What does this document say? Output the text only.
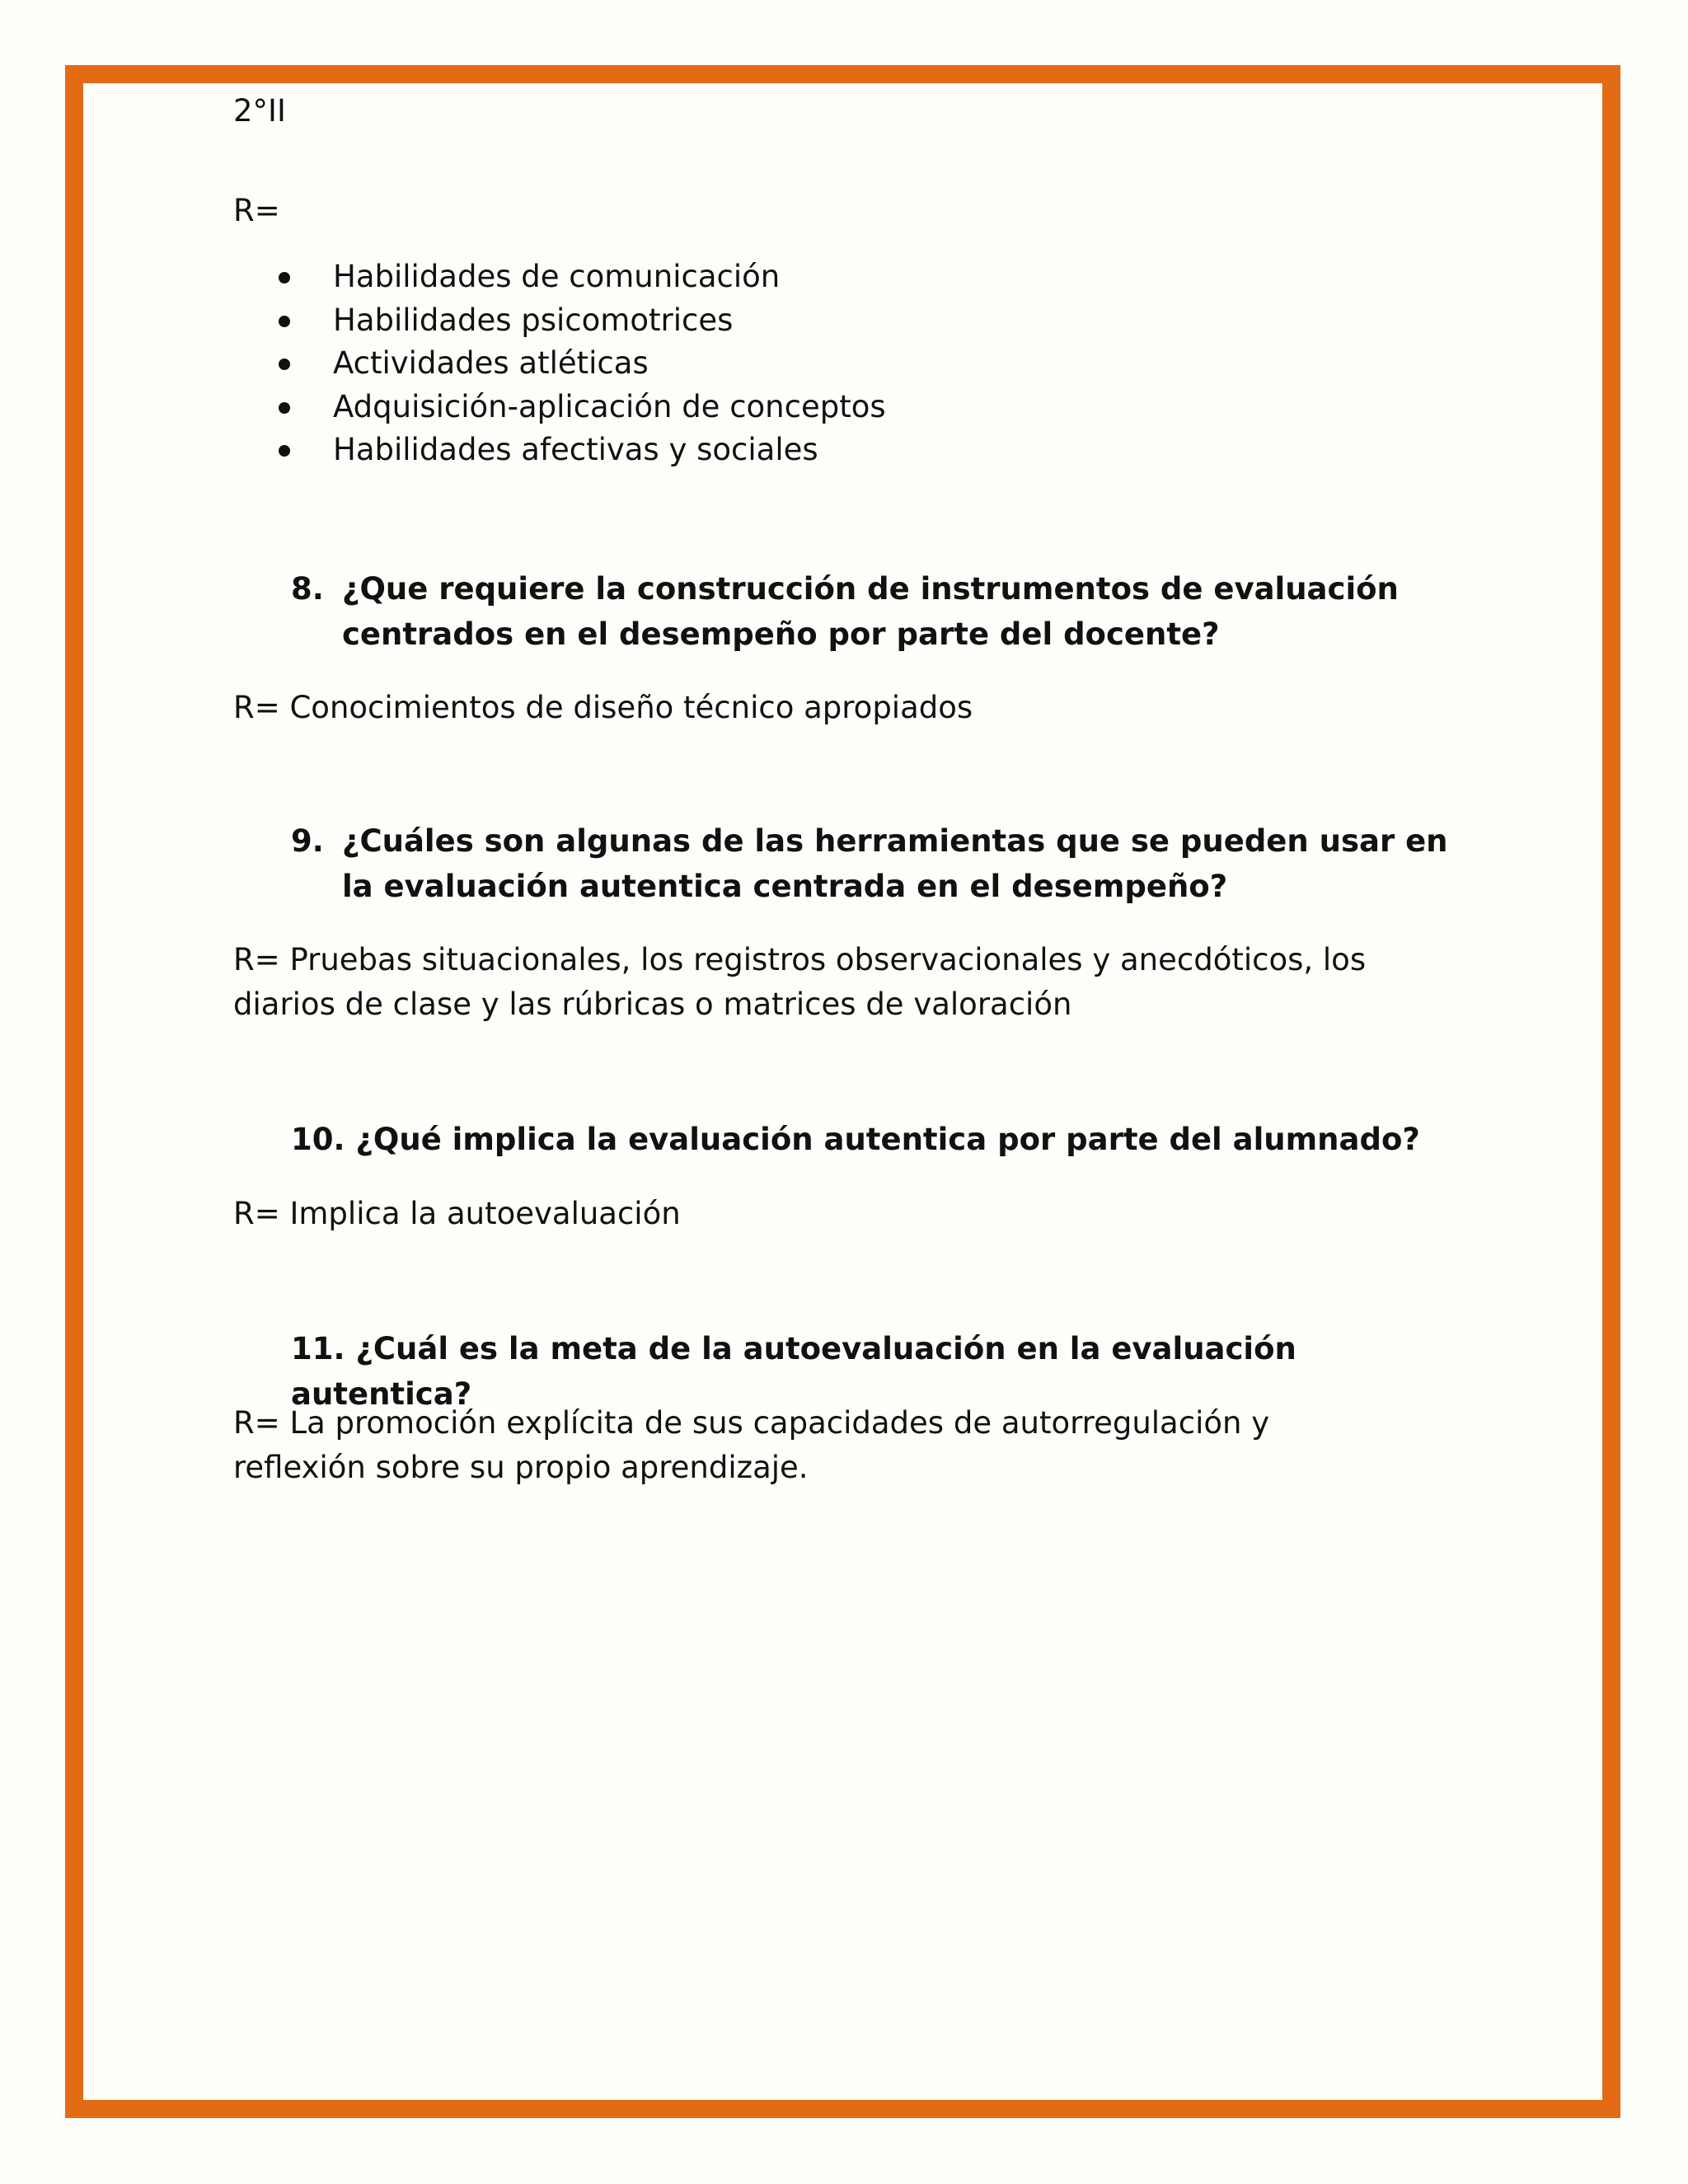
2°II
R=
Habilidades de comunicación
Habilidades psicomotrices
Actividades atléticas
Adquisición-aplicación de conceptos
Habilidades afectivas y sociales
8. ¿Que requiere la construcción de instrumentos de evaluación centrados en el desempeño por parte del docente?
R= Conocimientos de diseño técnico apropiados
9. ¿Cuáles son algunas de las herramientas que se pueden usar en la evaluación autentica centrada en el desempeño?
R= Pruebas situacionales, los registros observacionales y anecdóticos, los diarios de clase y las rúbricas o matrices de valoración
10. ¿Qué implica la evaluación autentica por parte del alumnado?
R= Implica la autoevaluación
11. ¿Cuál es la meta de la autoevaluación en la evaluación autentica?
R= La promoción explícita de sus capacidades de autorregulación y reflexión sobre su propio aprendizaje.
